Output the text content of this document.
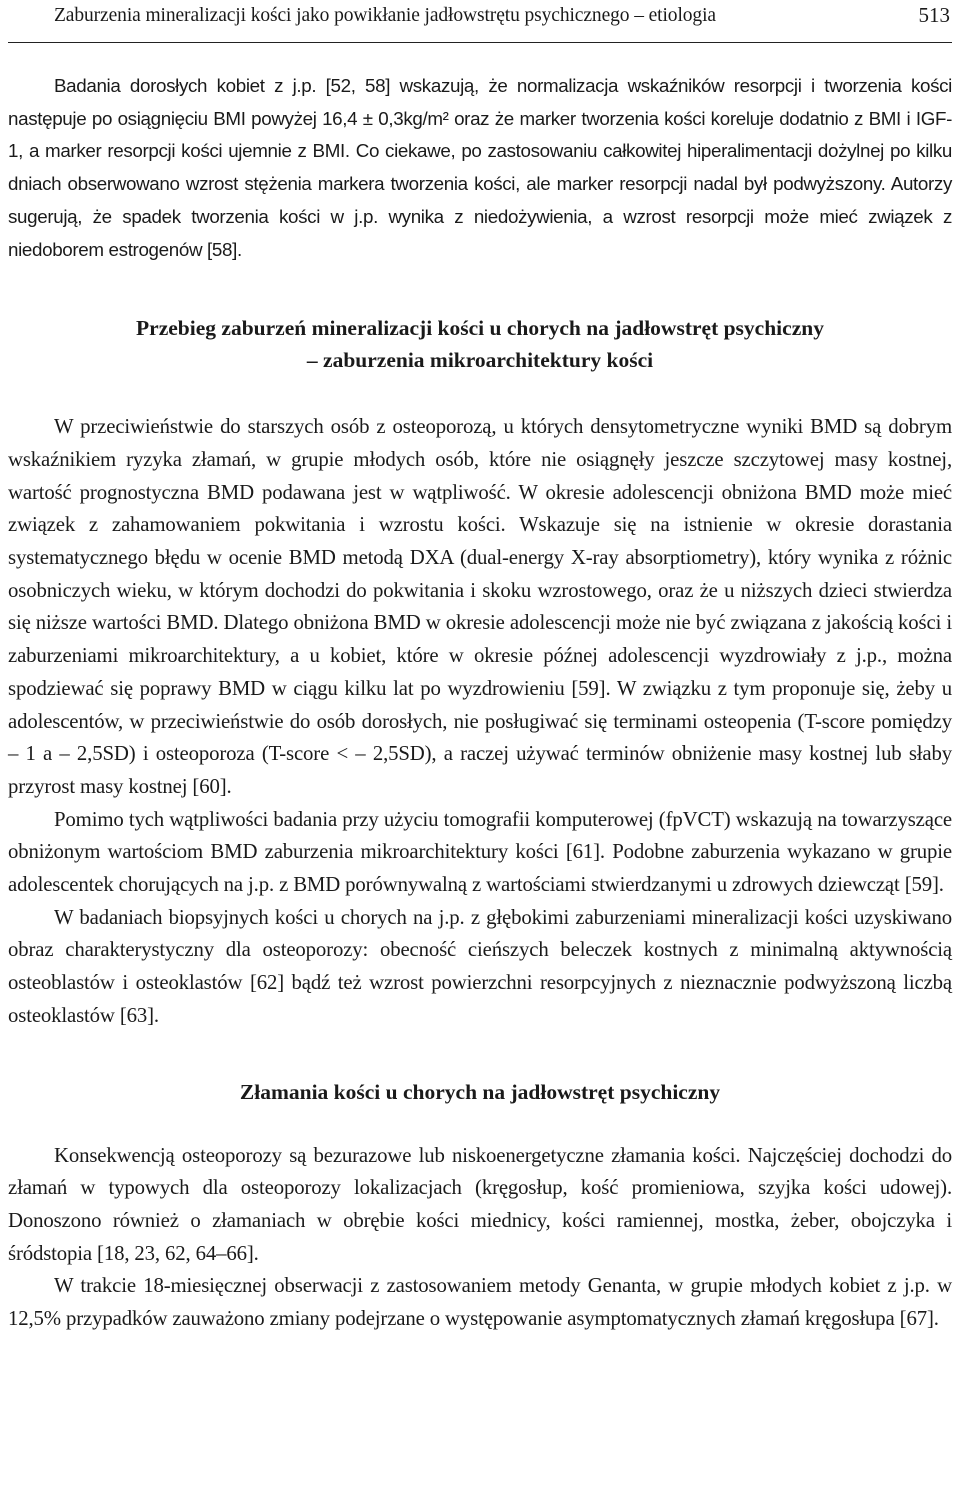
Zaburzenia mineralizacji kości jako powikłanie jadłowstrętu psychicznego – etiologia	513

Badania dorosłych kobiet z j.p. [52, 58] wskazują, że normalizacja wskaźników resorpcji i tworzenia kości następuje po osiągnięciu BMI powyżej 16,4 ± 0,3kg/m² oraz że marker tworzenia kości koreluje dodatnio z BMI i IGF-1, a marker resorpcji kości ujemnie z BMI. Co ciekawe, po zastosowaniu całkowitej hiperalimentacji dożylnej po kilku dniach obserwowano wzrost stężenia markera tworzenia kości, ale marker resorpcji nadal był podwyższony. Autorzy sugerują, że spadek tworzenia kości w j.p. wynika z niedożywienia, a wzrost resorpcji może mieć związek z niedoborem estrogenów [58].

Przebieg zaburzeń mineralizacji kości u chorych na jadłowstręt psychiczny
– zaburzenia mikroarchitektury kości

W przeciwieństwie do starszych osób z osteoporozą, u których densytometryczne wyniki BMD są dobrym wskaźnikiem ryzyka złamań, w grupie młodych osób, które nie osiągnęły jeszcze szczytowej masy kostnej, wartość prognostyczna BMD podawana jest w wątpliwość. W okresie adolescencji obniżona BMD może mieć związek z zahamowaniem pokwitania i wzrostu kości. Wskazuje się na istnienie w okresie dorastania systematycznego błędu w ocenie BMD metodą DXA (dual-energy X-ray absorptiometry), który wynika z różnic osobniczych wieku, w którym dochodzi do pokwitania i skoku wzrostowego, oraz że u niższych dzieci stwierdza się niższe wartości BMD. Dlatego obniżona BMD w okresie adolescencji może nie być związana z jakością kości i zaburzeniami mikroarchitektury, a u kobiet, które w okresie późnej adolescencji wyzdrowiały z j.p., można spodziewać się poprawy BMD w ciągu kilku lat po wyzdrowieniu [59]. W związku z tym proponuje się, żeby u adolescentów, w przeciwieństwie do osób dorosłych, nie posługiwać się terminami osteopenia (T-score pomiędzy – 1 a – 2,5SD) i osteoporoza (T-score < – 2,5SD), a raczej używać terminów obniżenie masy kostnej lub słaby przyrost masy kostnej [60].

Pomimo tych wątpliwości badania przy użyciu tomografii komputerowej (fpVCT) wskazują na towarzyszące obniżonym wartościom BMD zaburzenia mikroarchitektury kości [61]. Podobne zaburzenia wykazano w grupie adolescentek chorujących na j.p. z BMD porównywalną z wartościami stwierdzanymi u zdrowych dziewcząt [59].

W badaniach biopsyjnych kości u chorych na j.p. z głębokimi zaburzeniami mineralizacji kości uzyskiwano obraz charakterystyczny dla osteoporozy: obecność cieńszych beleczek kostnych z minimalną aktywnością osteoblastów i osteoklastów [62] bądź też wzrost powierzchni resorpcyjnych z nieznacznie podwyższoną liczbą osteoklastów [63].

Złamania kości u chorych na jadłowstręt psychiczny

Konsekwencją osteoporozy są bezurazowe lub niskoenergetyczne złamania kości. Najczęściej dochodzi do złamań w typowych dla osteoporozy lokalizacjach (kręgosłup, kość promieniowa, szyjka kości udowej). Donoszono również o złamaniach w obrębie kości miednicy, kości ramiennej, mostka, żeber, obojczyka i śródstopia [18, 23, 62, 64–66].

W trakcie 18-miesięcznej obserwacji z zastosowaniem metody Genanta, w grupie młodych kobiet z j.p. w 12,5% przypadków zauważono zmiany podejrzane o występowanie asymptomatycznych złamań kręgosłupa [67].
